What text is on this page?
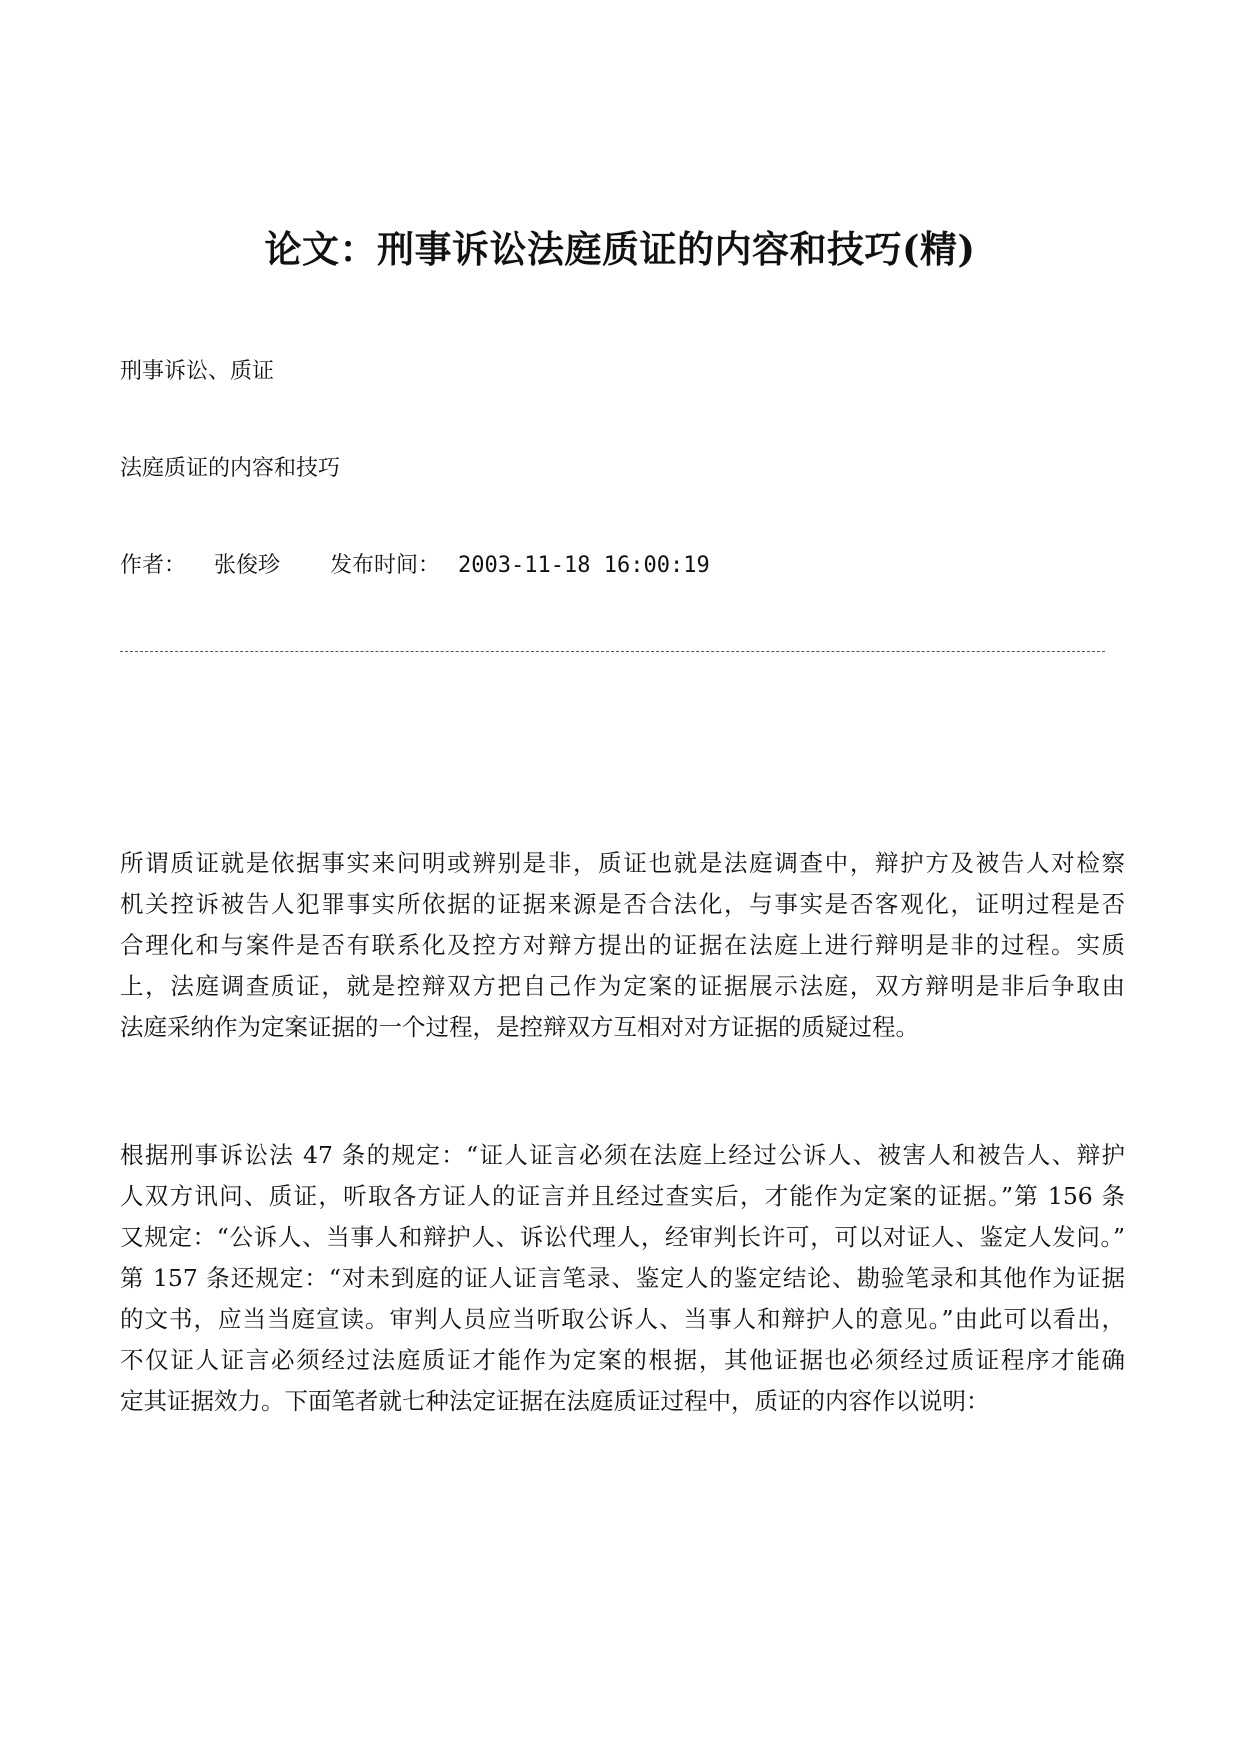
论文：刑事诉讼法庭质证的内容和技巧(精)
刑事诉讼、质证
法庭质证的内容和技巧
作者： 张俊珍 发布时间： 2003-11-18 16:00:19

所谓质证就是依据事实来问明或辨别是非，质证也就是法庭调查中，辩护方及被告人对检察
机关控诉被告人犯罪事实所依据的证据来源是否合法化，与事实是否客观化，证明过程是否
合理化和与案件是否有联系化及控方对辩方提出的证据在法庭上进行辩明是非的过程。实质
上，法庭调查质证，就是控辩双方把自己作为定案的证据展示法庭，双方辩明是非后争取由
法庭采纳作为定案证据的一个过程，是控辩双方互相对对方证据的质疑过程。

根据刑事诉讼法 47 条的规定：“证人证言必须在法庭上经过公诉人、被害人和被告人、辩护
人双方讯问、质证，听取各方证人的证言并且经过查实后，才能作为定案的证据。”第 156 条
又规定：“公诉人、当事人和辩护人、诉讼代理人，经审判长许可，可以对证人、鉴定人发问。”
第 157 条还规定：“对未到庭的证人证言笔录、鉴定人的鉴定结论、勘验笔录和其他作为证据
的文书，应当当庭宣读。审判人员应当听取公诉人、当事人和辩护人的意见。”由此可以看出，
不仅证人证言必须经过法庭质证才能作为定案的根据，其他证据也必须经过质证程序才能确
定其证据效力。下面笔者就七种法定证据在法庭质证过程中，质证的内容作以说明：
